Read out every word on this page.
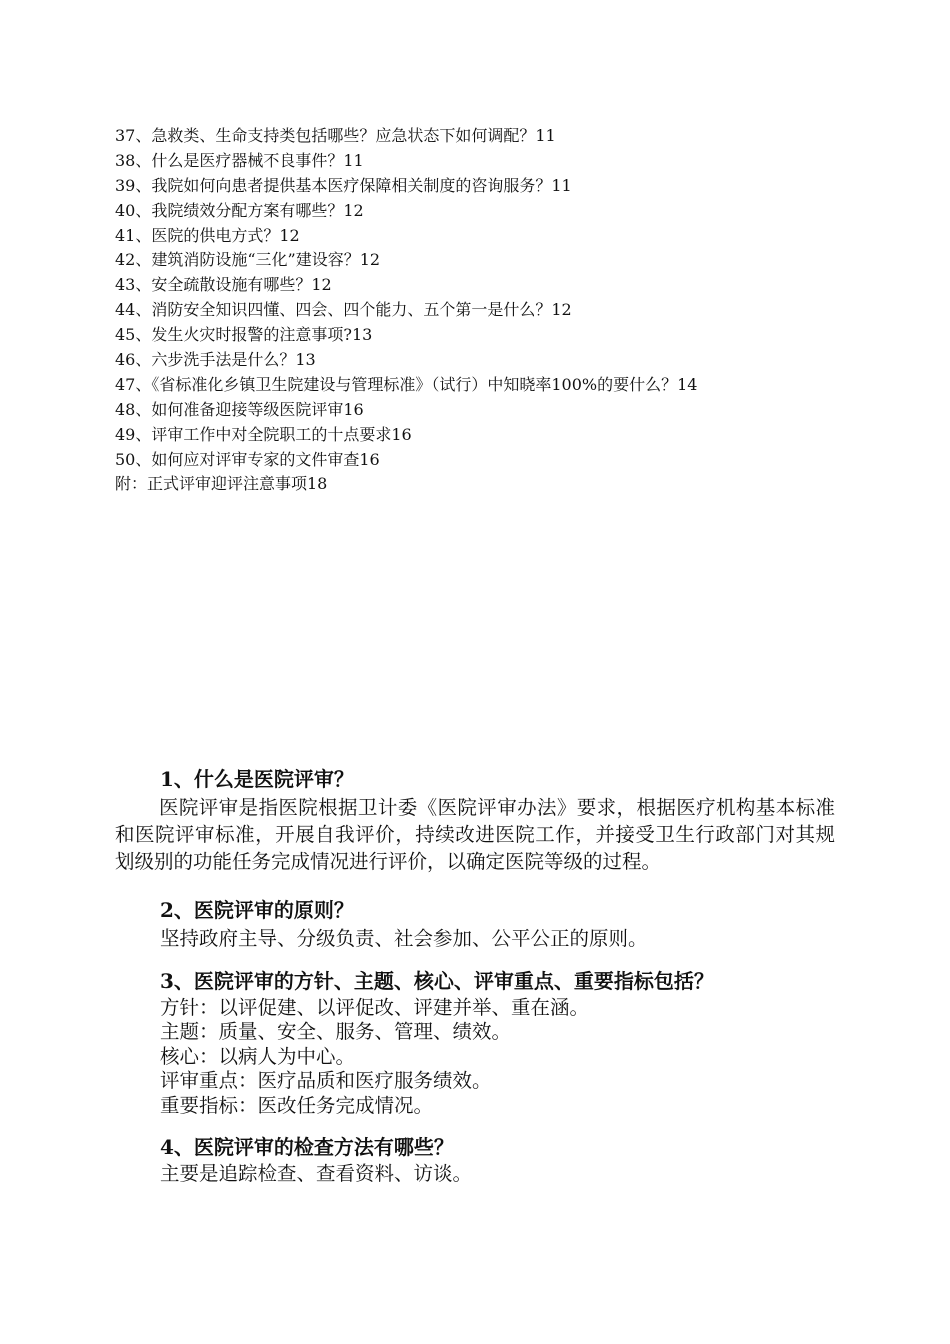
37、急救类、生命支持类包括哪些？应急状态下如何调配？11
38、什么是医疗器械不良事件？11
39、我院如何向患者提供基本医疗保障相关制度的咨询服务？11
40、我院绩效分配方案有哪些？12
41、医院的供电方式？12
42、建筑消防设施“三化”建设容？12
43、安全疏散设施有哪些？12
44、消防安全知识四懂、四会、四个能力、五个第一是什么？12
45、发生火灾时报警的注意事项?13
46、六步洗手法是什么？13
47、《省标准化乡镇卫生院建设与管理标准》（试行）中知晓率100%的要什么？14
48、如何准备迎接等级医院评审16
49、评审工作中对全院职工的十点要求16
50、如何应对评审专家的文件审查16
附：正式评审迎评注意事项18
1、什么是医院评审？

医院评审是指医院根据卫计委《医院评审办法》要求，根据医疗机构基本标准和医院评审标准，开展自我评价，持续改进医院工作，并接受卫生行政部门对其规划级别的功能任务完成情况进行评价，以确定医院等级的过程。

2、医院评审的原则？

坚持政府主导、分级负责、社会参加、公平公正的原则。

3、医院评审的方针、主题、核心、评审重点、重要指标包括？

方针：以评促建、以评促改、评建并举、重在涵。

主题：质量、安全、服务、管理、绩效。

核心：以病人为中心。

评审重点：医疗品质和医疗服务绩效。

重要指标：医改任务完成情况。

4、医院评审的检查方法有哪些？

主要是追踪检查、查看资料、访谈。
